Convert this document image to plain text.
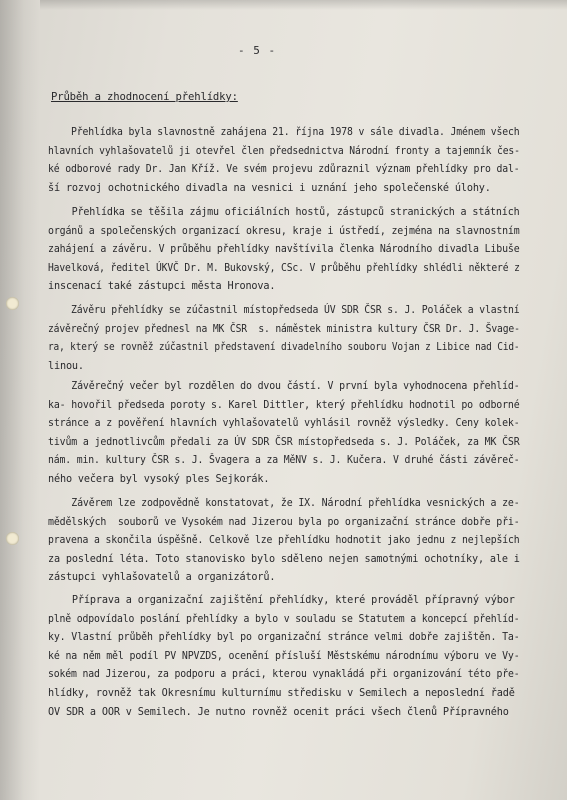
- 5 -
Průběh a zhodnocení přehlídky:
Přehlídka byla slavnostně zahájena 21. října 1978 v sále divadla. Jménem všech
hlavních vyhlašovatelů ji otevřel člen předsednictva Národní fronty a tajemník čes-
ké odborové rady Dr. Jan Kříž. Ve svém projevu zdůraznil význam přehlídky pro dal-
ší rozvoj ochotnického divadla na vesnici i uznání jeho společenské úlohy.
Přehlídka se těšila zájmu oficiálních hostů, zástupců stranických a státních
orgánů a společenských organizací okresu, kraje i ústředí, zejména na slavnostním
zahájení a závěru. V průběhu přehlídky navštívila členka Národního divadla Libuše
Havelková, ředitel ÚKVČ Dr. M. Bukovský, CSc. V průběhu přehlídky shlédli některé z
inscenací také zástupci města Hronova.
Závěru přehlídky se zúčastnil místopředseda ÚV SDR ČSR s. J. Poláček a vlastní
závěrečný projev přednesl na MK ČSR  s. náměstek ministra kultury ČSR Dr. J. Švage-
ra, který se rovněž zúčastnil představení divadelního souboru Vojan z Libice nad Cid-
linou.
Závěrečný večer byl rozdělen do dvou částí. V první byla vyhodnocena přehlíd-
ka- hovořil předseda poroty s. Karel Dittler, který přehlídku hodnotil po odborné
stránce a z pověření hlavních vyhlašovatelů vyhlásil rovněž výsledky. Ceny kolek-
tivům a jednotlivcům předali za ÚV SDR ČSR místopředseda s. J. Poláček, za MK ČSR
nám. min. kultury ČSR s. J. Švagera a za MěNV s. J. Kučera. V druhé části závěreč-
ného večera byl vysoký ples Sejkorák.
Závěrem lze zodpovědně konstatovat, že IX. Národní přehlídka vesnických a ze-
mědělských  souborů ve Vysokém nad Jizerou byla po organizační stránce dobře při-
pravena a skončila úspěšně. Celkově lze přehlídku hodnotit jako jednu z nejlepších
za poslední léta. Toto stanovisko bylo sděleno nejen samotnými ochotníky, ale i
zástupci vyhlašovatelů a organizátorů.
Příprava a organizační zajištění přehlídky, které prováděl přípravný výbor
plně odpovídalo poslání přehlídky a bylo v souladu se Statutem a koncepcí přehlíd-
ky. Vlastní průběh přehlídky byl po organizační stránce velmi dobře zajištěn. Ta-
ké na něm měl podíl PV NPVZDS, ocenění přísluší Městskému národnímu výboru ve Vy-
sokém nad Jizerou, za podporu a práci, kterou vynakládá při organizování této pře-
hlídky, rovněž tak Okresnímu kulturnímu středisku v Semilech a neposlední řadě
OV SDR a OOR v Semilech. Je nutno rovněž ocenit práci všech členů Přípravného
